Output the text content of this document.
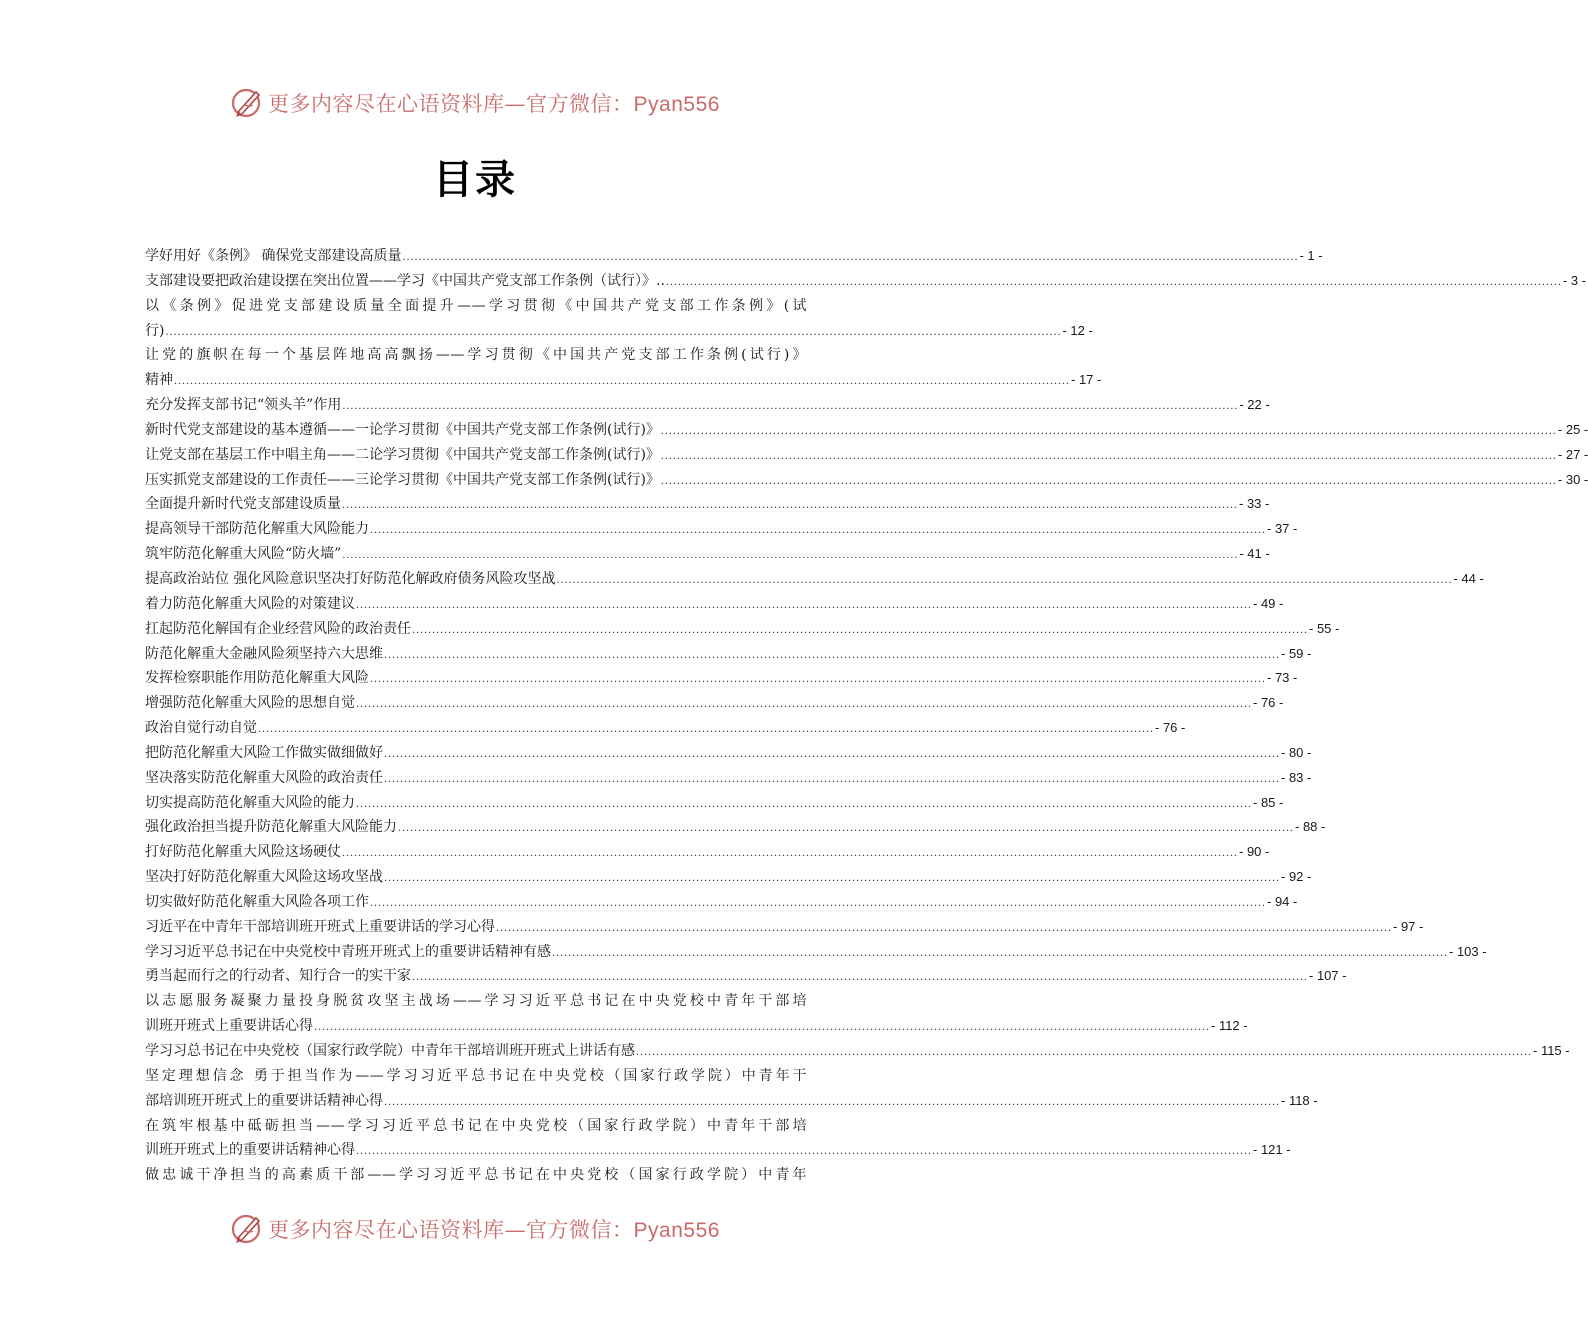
更多内容尽在心语资料库—官方微信：Pyan556
目录
学好用好《条例》 确保党支部建设高质量 .....	- 1 -
支部建设要把政治建设摆在突出位置——学习《中国共产党支部工作条例（试行）》.. .....	- 3 -
以《条例》促进党支部建设质量全面提升——学习贯彻《中国共产党支部工作条例》(试
行) .....	- 12 -
让党的旗帜在每一个基层阵地高高飘扬——学习贯彻《中国共产党支部工作条例(试行)》
精神 .....	- 17 -
充分发挥支部书记“领头羊”作用 .....	- 22 -
新时代党支部建设的基本遵循——一论学习贯彻《中国共产党支部工作条例(试行)》 .....	- 25 -
让党支部在基层工作中唱主角——二论学习贯彻《中国共产党支部工作条例(试行)》 .....	- 27 -
压实抓党支部建设的工作责任——三论学习贯彻《中国共产党支部工作条例(试行)》 .....	- 30 -
全面提升新时代党支部建设质量 .....	- 33 -
提高领导干部防范化解重大风险能力 .....	- 37 -
筑牢防范化解重大风险“防火墙” .....	- 41 -
提高政治站位 强化风险意识坚决打好防范化解政府债务风险攻坚战 .....	- 44 -
着力防范化解重大风险的对策建议 .....	- 49 -
扛起防范化解国有企业经营风险的政治责任 .....	- 55 -
防范化解重大金融风险须坚持六大思维 .....	- 59 -
发挥检察职能作用防范化解重大风险 .....	- 73 -
增强防范化解重大风险的思想自觉 .....	- 76 -
政治自觉行动自觉 .....	- 76 -
把防范化解重大风险工作做实做细做好 .....	- 80 -
坚决落实防范化解重大风险的政治责任 .....	- 83 -
切实提高防范化解重大风险的能力 .....	- 85 -
强化政治担当提升防范化解重大风险能力 .....	- 88 -
打好防范化解重大风险这场硬仗 .....	- 90 -
坚决打好防范化解重大风险这场攻坚战 .....	- 92 -
切实做好防范化解重大风险各项工作 .....	- 94 -
习近平在中青年干部培训班开班式上重要讲话的学习心得 .....	- 97 -
学习习近平总书记在中央党校中青班开班式上的重要讲话精神有感 .....	- 103 -
勇当起而行之的行动者、知行合一的实干家 .....	- 107 -
以志愿服务凝聚力量投身脱贫攻坚主战场——学习习近平总书记在中央党校中青年干部培
训班开班式上重要讲话心得 .....	- 112 -
学习习总书记在中央党校（国家行政学院）中青年干部培训班开班式上讲话有感 .....	- 115 -
坚定理想信念 勇于担当作为——学习习近平总书记在中央党校（国家行政学院）中青年干
部培训班开班式上的重要讲话精神心得 .....	- 118 -
在筑牢根基中砥砺担当——学习习近平总书记在中央党校（国家行政学院）中青年干部培
训班开班式上的重要讲话精神心得 .....	- 121 -
做忠诚干净担当的高素质干部——学习习近平总书记在中央党校（国家行政学院）中青年
更多内容尽在心语资料库—官方微信：Pyan556
